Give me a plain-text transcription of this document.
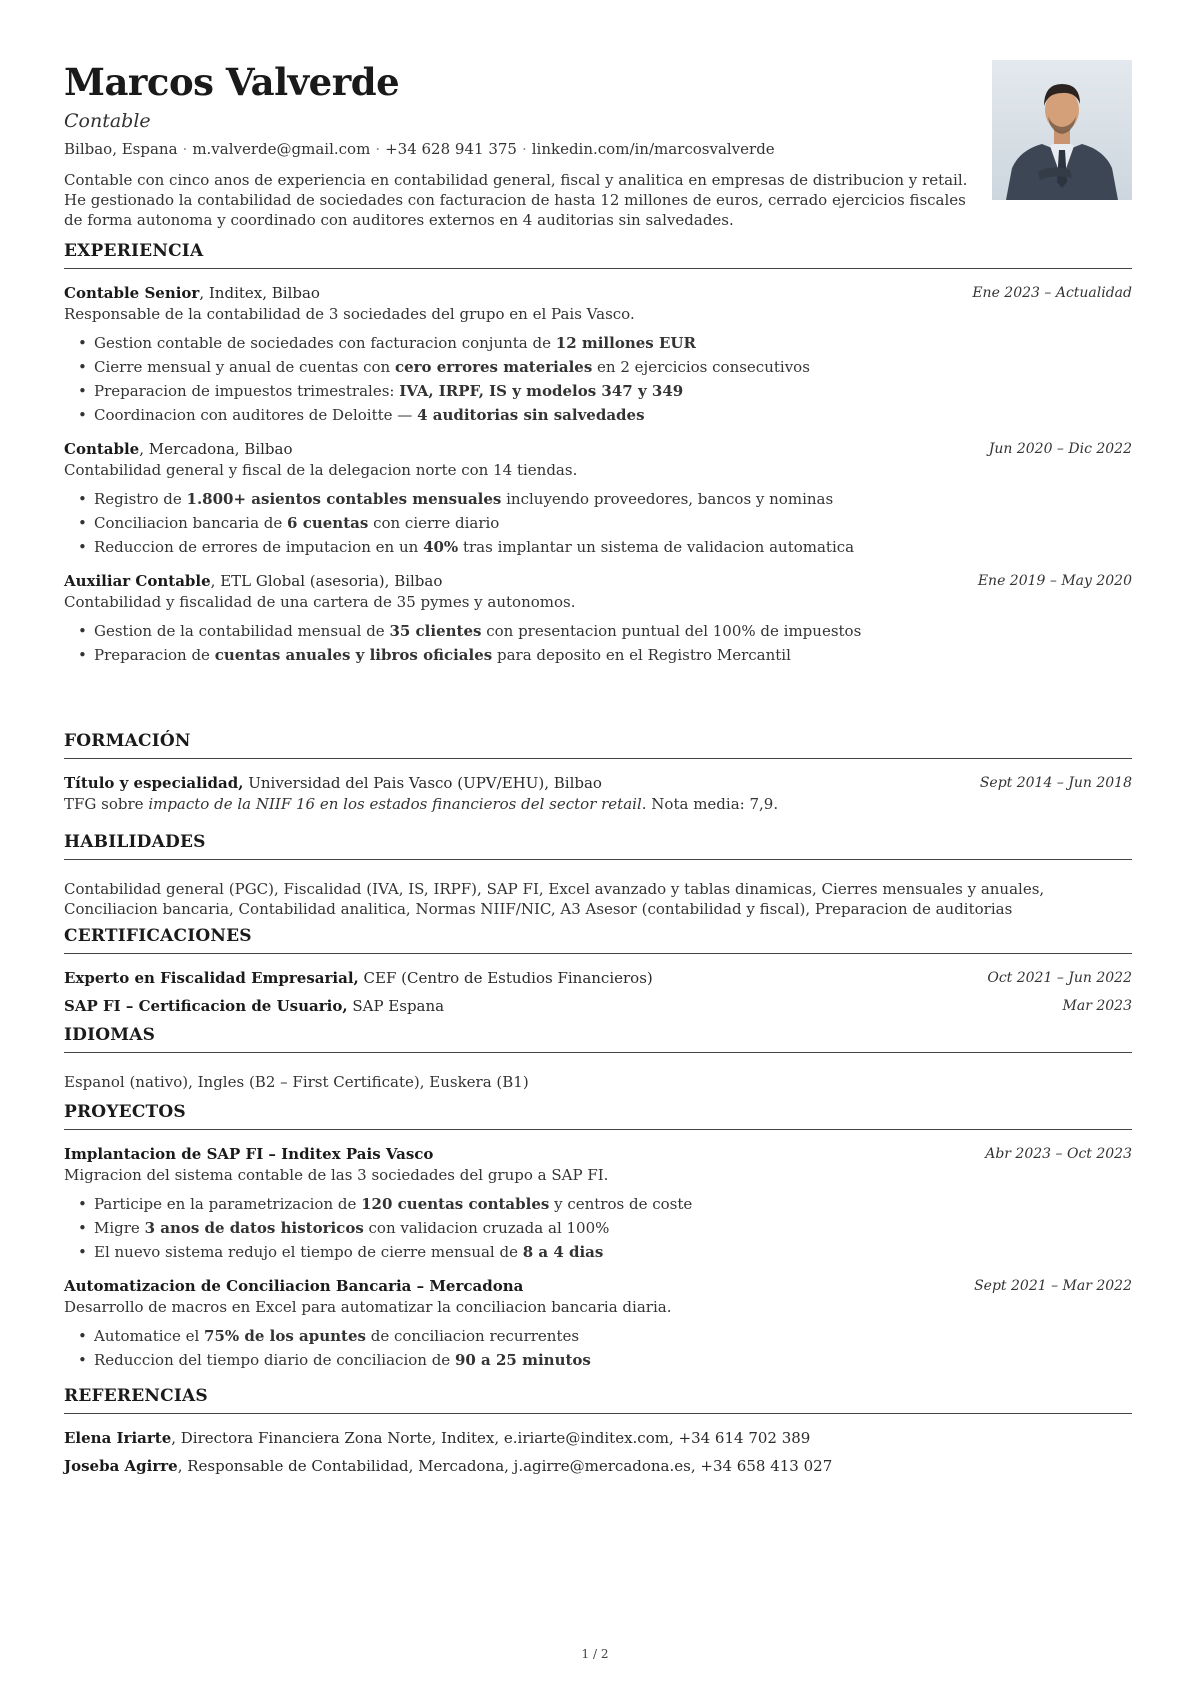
Marcos Valverde
Contable
Bilbao, Espana · m.valverde@gmail.com · +34 628 941 375 · linkedin.com/in/marcosvalverde
Contable con cinco anos de experiencia en contabilidad general, fiscal y analitica en empresas de distribucion y retail. He gestionado la contabilidad de sociedades con facturacion de hasta 12 millones de euros, cerrado ejercicios fiscales de forma autonoma y coordinado con auditores externos en 4 auditorias sin salvedades.
EXPERIENCIA
Contable Senior, Inditex, Bilbao	Ene 2023 – Actualidad
Responsable de la contabilidad de 3 sociedades del grupo en el Pais Vasco.
• Gestion contable de sociedades con facturacion conjunta de 12 millones EUR
• Cierre mensual y anual de cuentas con cero errores materiales en 2 ejercicios consecutivos
• Preparacion de impuestos trimestrales: IVA, IRPF, IS y modelos 347 y 349
• Coordinacion con auditores de Deloitte — 4 auditorias sin salvedades
Contable, Mercadona, Bilbao	Jun 2020 – Dic 2022
Contabilidad general y fiscal de la delegacion norte con 14 tiendas.
• Registro de 1.800+ asientos contables mensuales incluyendo proveedores, bancos y nominas
• Conciliacion bancaria de 6 cuentas con cierre diario
• Reduccion de errores de imputacion en un 40% tras implantar un sistema de validacion automatica
Auxiliar Contable, ETL Global (asesoria), Bilbao	Ene 2019 – May 2020
Contabilidad y fiscalidad de una cartera de 35 pymes y autonomos.
• Gestion de la contabilidad mensual de 35 clientes con presentacion puntual del 100% de impuestos
• Preparacion de cuentas anuales y libros oficiales para deposito en el Registro Mercantil
FORMACIÓN
Título y especialidad, Universidad del Pais Vasco (UPV/EHU), Bilbao	Sept 2014 – Jun 2018
TFG sobre impacto de la NIIF 16 en los estados financieros del sector retail. Nota media: 7,9.
HABILIDADES
Contabilidad general (PGC), Fiscalidad (IVA, IS, IRPF), SAP FI, Excel avanzado y tablas dinamicas, Cierres mensuales y anuales, Conciliacion bancaria, Contabilidad analitica, Normas NIIF/NIC, A3 Asesor (contabilidad y fiscal), Preparacion de auditorias
CERTIFICACIONES
Experto en Fiscalidad Empresarial, CEF (Centro de Estudios Financieros)	Oct 2021 – Jun 2022
SAP FI – Certificacion de Usuario, SAP Espana	Mar 2023
IDIOMAS
Espanol (nativo), Ingles (B2 – First Certificate), Euskera (B1)
PROYECTOS
Implantacion de SAP FI – Inditex Pais Vasco	Abr 2023 – Oct 2023
Migracion del sistema contable de las 3 sociedades del grupo a SAP FI.
• Participe en la parametrizacion de 120 cuentas contables y centros de coste
• Migre 3 anos de datos historicos con validacion cruzada al 100%
• El nuevo sistema redujo el tiempo de cierre mensual de 8 a 4 dias
Automatizacion de Conciliacion Bancaria – Mercadona	Sept 2021 – Mar 2022
Desarrollo de macros en Excel para automatizar la conciliacion bancaria diaria.
• Automatice el 75% de los apuntes de conciliacion recurrentes
• Reduccion del tiempo diario de conciliacion de 90 a 25 minutos
REFERENCIAS
Elena Iriarte, Directora Financiera Zona Norte, Inditex, e.iriarte@inditex.com, +34 614 702 389
Joseba Agirre, Responsable de Contabilidad, Mercadona, j.agirre@mercadona.es, +34 658 413 027
1 / 2
